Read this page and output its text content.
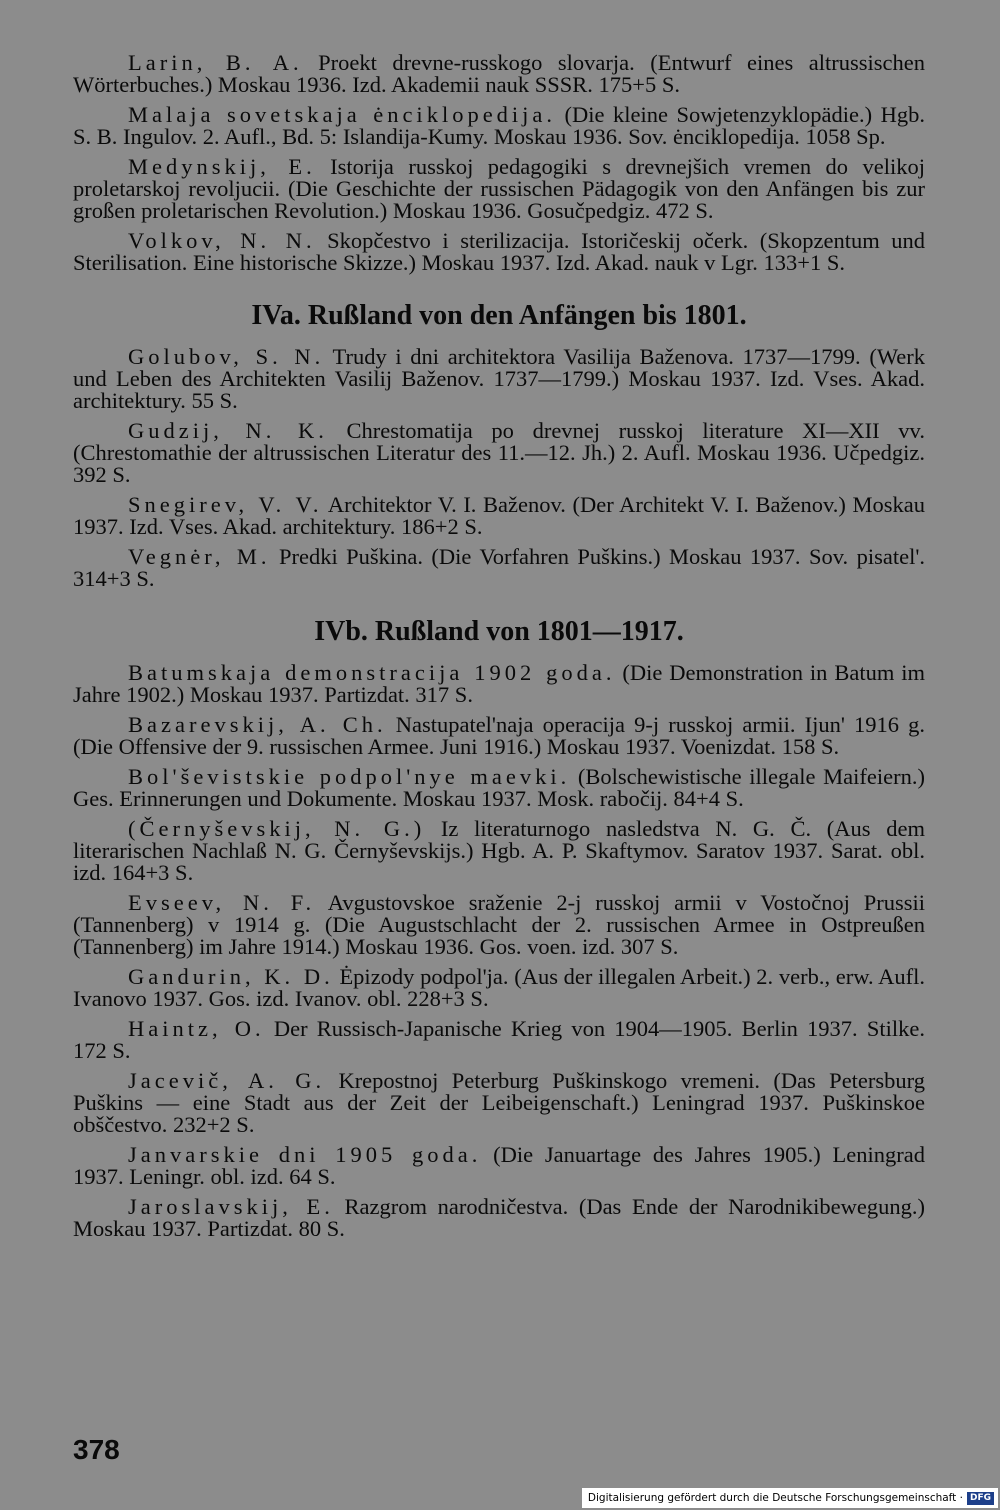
Larin, B. A. Proekt drevne-russkogo slovarja. (Entwurf eines altrussischen Wörterbuches.) Moskau 1936. Izd. Akademii nauk SSSR. 175+5 S.

Malaja sovetskaja ėnciklopedija. (Die kleine Sowjetenzyklopädie.) Hgb. S. B. Ingulov. 2. Aufl., Bd. 5: Islandija-Kumy. Moskau 1936. Sov. ėnciklopedija. 1058 Sp.

Medynskij, E. Istorija russkoj pedagogiki s drevnejšich vremen do velikoj proletarskoj revoljucii. (Die Geschichte der russischen Pädagogik von den Anfängen bis zur großen proletarischen Revolution.) Moskau 1936. Gosučpedgiz. 472 S.

Volkov, N. N. Skopčestvo i sterilizacija. Istoričeskij očerk. (Skopzentum und Sterilisation. Eine historische Skizze.) Moskau 1937. Izd. Akad. nauk v Lgr. 133+1 S.

IVa. Rußland von den Anfängen bis 1801.

Golubov, S. N. Trudy i dni architektora Vasilija Baženova. 1737—1799. (Werk und Leben des Architekten Vasilij Baženov. 1737—1799.) Moskau 1937. Izd. Vses. Akad. architektury. 55 S.

Gudzij, N. K. Chrestomatija po drevnej russkoj literature XI—XII vv. (Chrestomathie der altrussischen Literatur des 11.—12. Jh.) 2. Aufl. Moskau 1936. Učpedgiz. 392 S.

Snegirev, V. V. Architektor V. I. Baženov. (Der Architekt V. I. Baženov.) Moskau 1937. Izd. Vses. Akad. architektury. 186+2 S.

Vegnėr, M. Predki Puškina. (Die Vorfahren Puškins.) Moskau 1937. Sov. pisatel'. 314+3 S.

IVb. Rußland von 1801—1917.

Batumskaja demonstracija 1902 goda. (Die Demonstration in Batum im Jahre 1902.) Moskau 1937. Partizdat. 317 S.

Bazarevskij, A. Ch. Nastupatel'naja operacija 9-j russkoj armii. Ijun' 1916 g. (Die Offensive der 9. russischen Armee. Juni 1916.) Moskau 1937. Voenizdat. 158 S.

Bol'ševistskie podpol'nye maevki. (Bolschewistische illegale Maifeiern.) Ges. Erinnerungen und Dokumente. Moskau 1937. Mosk. rabočij. 84+4 S.

(Černyševskij, N. G.) Iz literaturnogo nasledstva N. G. Č. (Aus dem literarischen Nachlaß N. G. Černyševskijs.) Hgb. A. P. Skaftymov. Saratov 1937. Sarat. obl. izd. 164+3 S.

Evseev, N. F. Avgustovskoe sraženie 2-j russkoj armii v Vostočnoj Prussii (Tannenberg) v 1914 g. (Die Augustschlacht der 2. russischen Armee in Ostpreußen (Tannenberg) im Jahre 1914.) Moskau 1936. Gos. voen. izd. 307 S.

Gandurin, K. D. Ėpizody podpol'ja. (Aus der illegalen Arbeit.) 2. verb., erw. Aufl. Ivanovo 1937. Gos. izd. Ivanov. obl. 228+3 S.

Haintz, O. Der Russisch-Japanische Krieg von 1904—1905. Berlin 1937. Stilke. 172 S.

Jacevič, A. G. Krepostnoj Peterburg Puškinskogo vremeni. (Das Petersburg Puškins — eine Stadt aus der Zeit der Leibeigenschaft.) Leningrad 1937. Puškinskoe obščestvo. 232+2 S.

Janvarskie dni 1905 goda. (Die Januartage des Jahres 1905.) Leningrad 1937. Leningr. obl. izd. 64 S.

Jaroslavskij, E. Razgrom narodničestva. (Das Ende der Narodnikibewegung.) Moskau 1937. Partizdat. 80 S.

378
Digitalisierung gefördert durch die Deutsche Forschungsgemeinschaft · DFG
